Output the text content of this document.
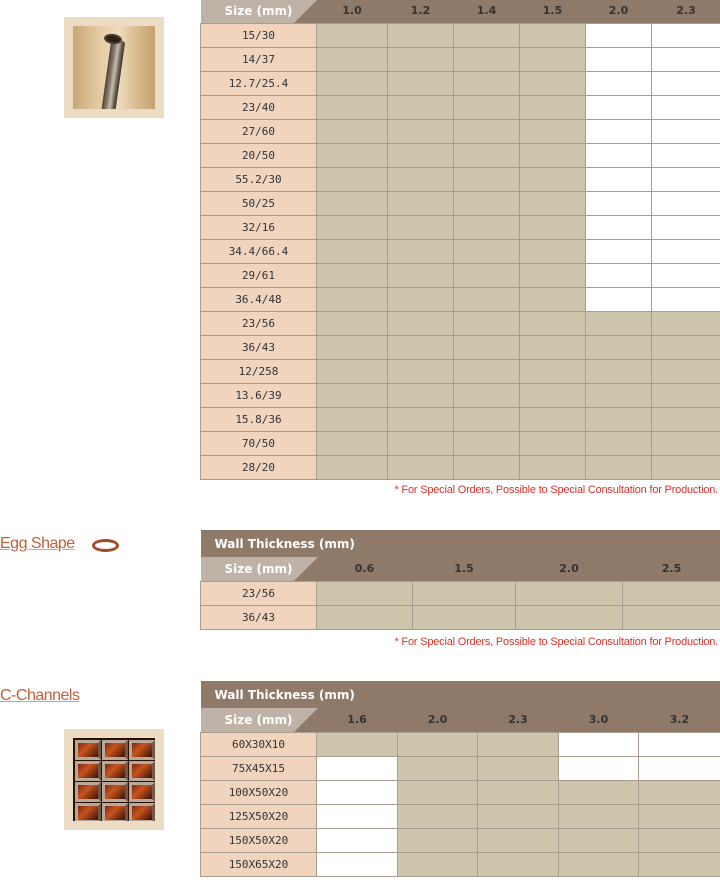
Size (mm)	1.0	1.2	1.4	1.5	2.0	2.3
15/30						
14/37						
12.7/25.4						
23/40						
27/60						
20/50						
55.2/30						
50/25						
32/16						
34.4/66.4						
29/61						
36.4/48						
23/56						
36/43						
12/258						
13.6/39						
15.8/36						
70/50						
28/20						
* For Special Orders, Possible to Special Consultation for Production.
Egg Shape	Wall Thickness (mm)				
Size (mm)	0.6	1.5	2.0	2.5
23/56				
36/43				
* For Special Orders, Possible to Special Consultation for Production.
C-Channels	Wall Thickness (mm)					
Size (mm)	1.6	2.0	2.3	3.0	3.2
60X30X10					
75X45X15					
100X50X20					
125X50X20					
150X50X20					
150X65X20					
